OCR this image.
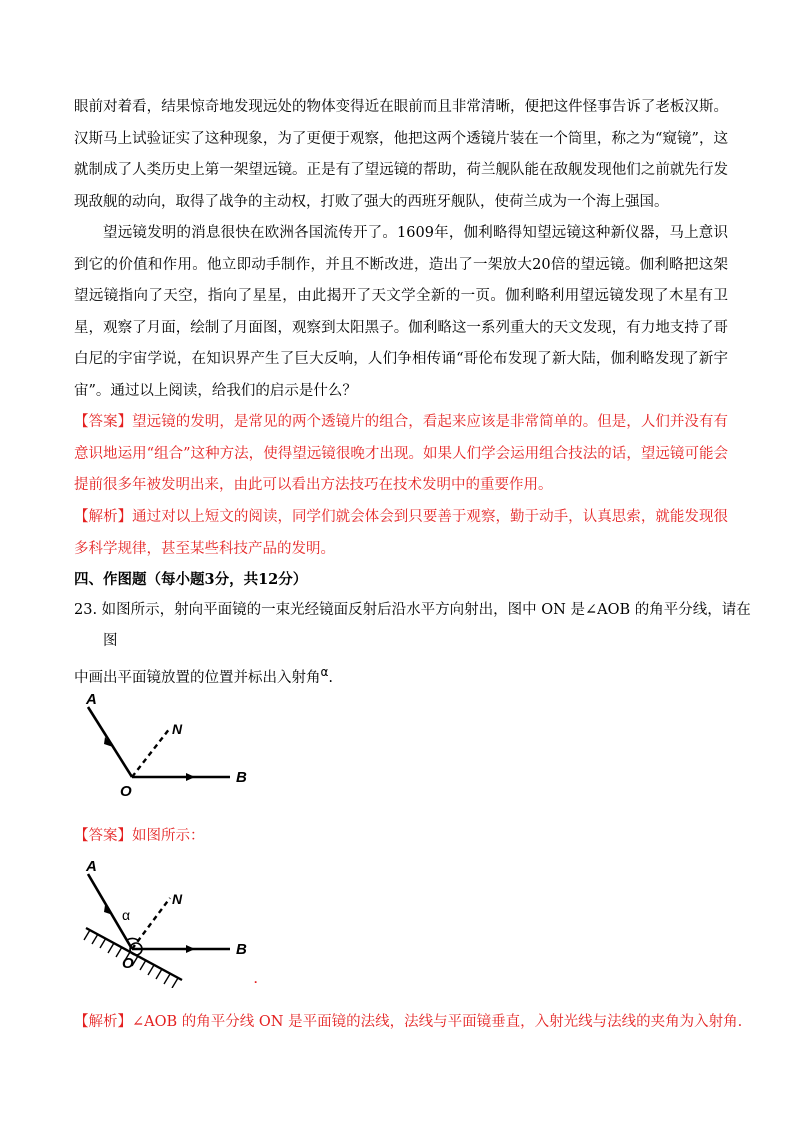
眼前对着看，结果惊奇地发现远处的物体变得近在眼前而且非常清晰，便把这件怪事告诉了老板汉斯。汉斯马上试验证实了这种现象，为了更便于观察，他把这两个透镜片装在一个筒里，称之为“窥镜”，这就制成了人类历史上第一架望远镜。正是有了望远镜的帮助，荷兰舰队能在敌舰发现他们之前就先行发现敌舰的动向，取得了战争的主动权，打败了强大的西班牙舰队，使荷兰成为一个海上强国。

望远镜发明的消息很快在欧洲各国流传开了。1609年，伽利略得知望远镜这种新仪器，马上意识到它的价值和作用。他立即动手制作，并且不断改进，造出了一架放大20倍的望远镜。伽利略把这架望远镜指向了天空，指向了星星，由此揭开了天文学全新的一页。伽利略利用望远镜发现了木星有卫星，观察了月面，绘制了月面图，观察到太阳黑子。伽利略这一系列重大的天文发现，有力地支持了哥白尼的宇宙学说，在知识界产生了巨大反响，人们争相传诵“哥伦布发现了新大陆，伽利略发现了新宇宙”。通过以上阅读，给我们的启示是什么？

【答案】望远镜的发明，是常见的两个透镜片的组合，看起来应该是非常简单的。但是，人们并没有有意识地运用“组合”这种方法，使得望远镜很晚才出现。如果人们学会运用组合技法的话，望远镜可能会提前很多年被发明出来，由此可以看出方法技巧在技术发明中的重要作用。

【解析】通过对以上短文的阅读，同学们就会体会到只要善于观察，勤于动手，认真思索，就能发现很多科学规律，甚至某些科技产品的发明。

四、作图题（每小题3分，共12分）

23. 如图所示，射向平面镜的一束光经镜面反射后沿水平方向射出，图中 ON 是∠AOB 的角平分线，请在

图

中画出平面镜放置的位置并标出入射角$^\alpha$.

A
N
O
B

【答案】如图所示：

α
A
N
O
B
.

【解析】∠AOB 的角平分线 ON 是平面镜的法线，法线与平面镜垂直，入射光线与法线的夹角为入射角.
